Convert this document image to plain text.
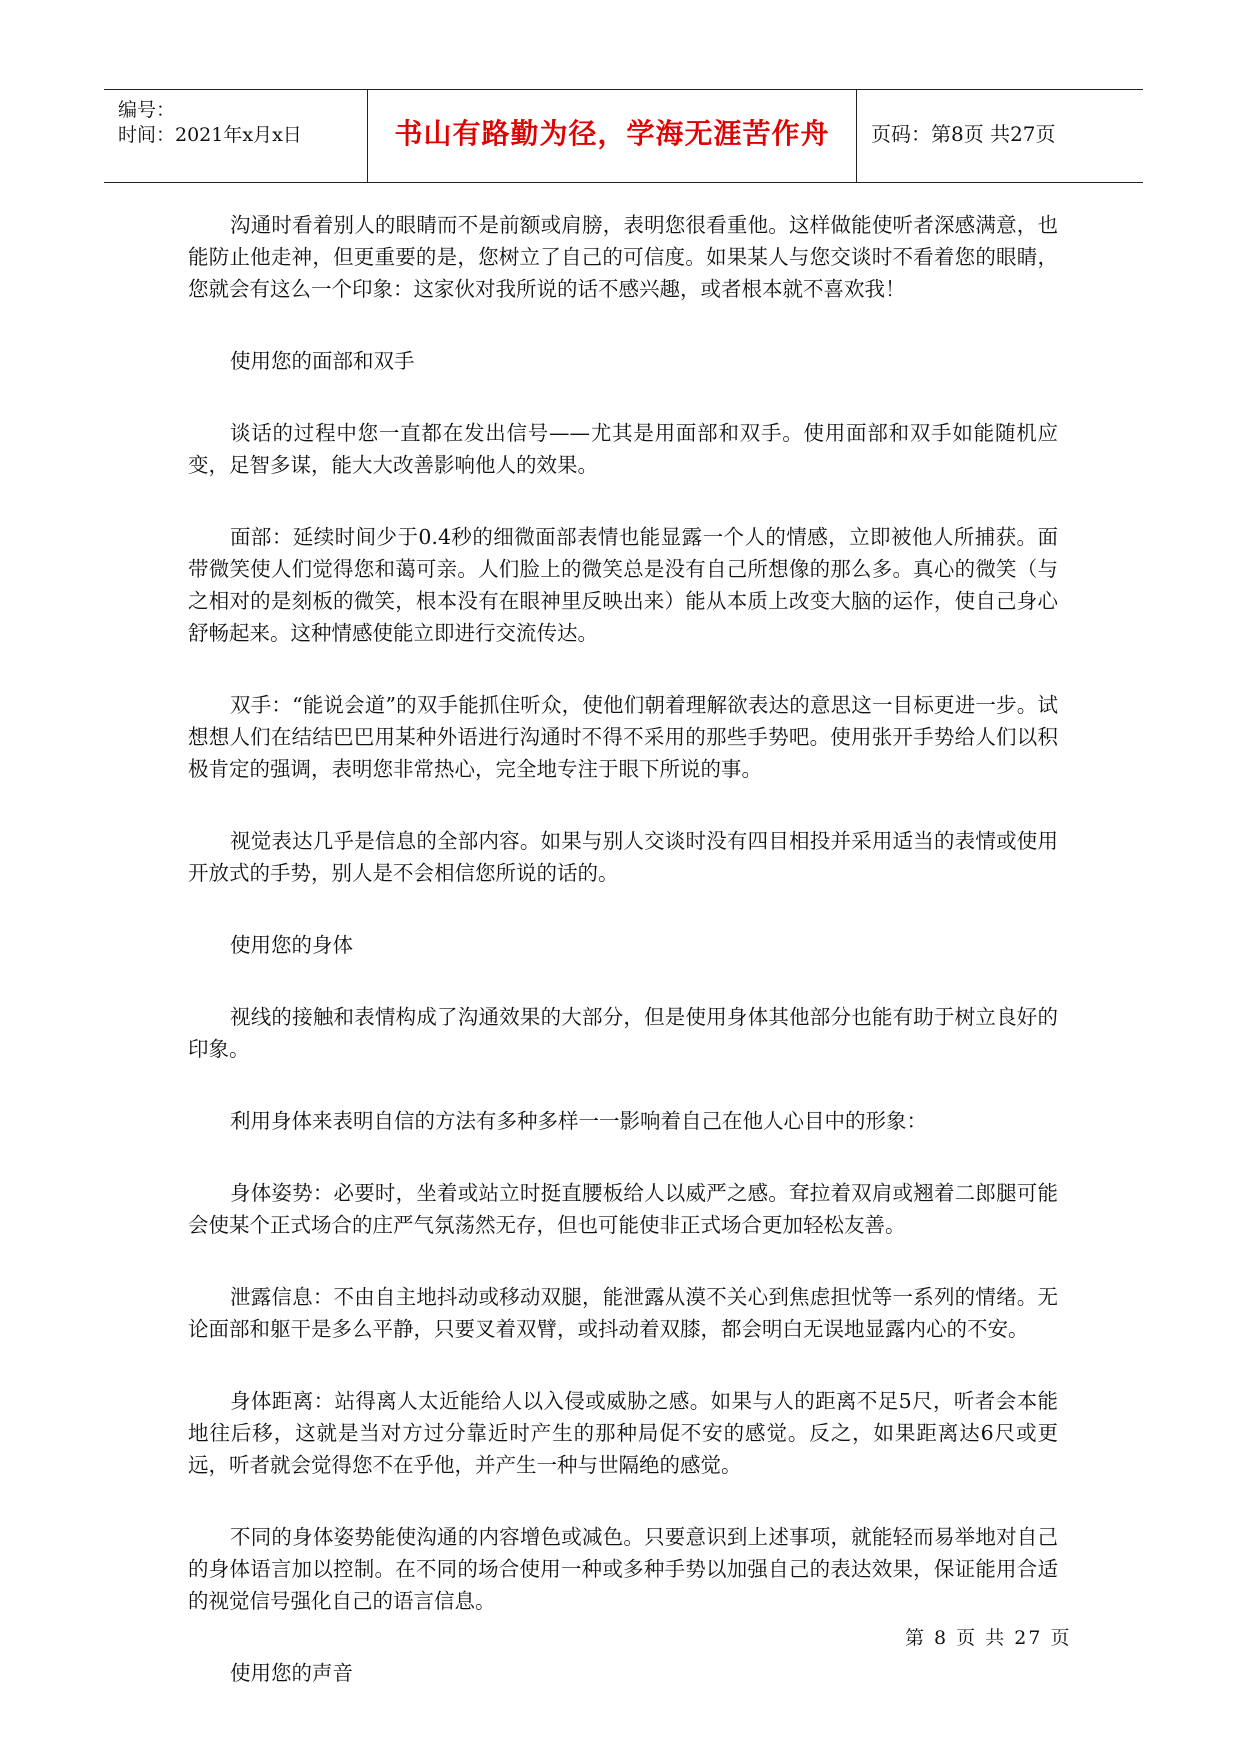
编号：
时间：2021年x月x日	书山有路勤为径，学海无涯苦作舟 页码：第8页 共27页

沟通时看着别人的眼睛而不是前额或肩膀，表明您很看重他。这样做能使听者深感满意，也能防止他走神，但更重要的是，您树立了自己的可信度。如果某人与您交谈时不看着您的眼睛，您就会有这么一个印象：这家伙对我所说的话不感兴趣，或者根本就不喜欢我！

使用您的面部和双手

谈话的过程中您一直都在发出信号——尤其是用面部和双手。使用面部和双手如能随机应变，足智多谋，能大大改善影响他人的效果。

面部：延续时间少于0.4秒的细微面部表情也能显露一个人的情感，立即被他人所捕获。面带微笑使人们觉得您和蔼可亲。人们脸上的微笑总是没有自己所想像的那么多。真心的微笑（与之相对的是刻板的微笑，根本没有在眼神里反映出来）能从本质上改变大脑的运作，使自己身心舒畅起来。这种情感使能立即进行交流传达。

双手：“能说会道”的双手能抓住听众，使他们朝着理解欲表达的意思这一目标更进一步。试想想人们在结结巴巴用某种外语进行沟通时不得不采用的那些手势吧。使用张开手势给人们以积极肯定的强调，表明您非常热心，完全地专注于眼下所说的事。

视觉表达几乎是信息的全部内容。如果与别人交谈时没有四目相投并采用适当的表情或使用开放式的手势，别人是不会相信您所说的话的。

使用您的身体

视线的接触和表情构成了沟通效果的大部分，但是使用身体其他部分也能有助于树立良好的印象。

利用身体来表明自信的方法有多种多样一一影响着自己在他人心目中的形象：

身体姿势：必要时，坐着或站立时挺直腰板给人以威严之感。耷拉着双肩或翘着二郎腿可能会使某个正式场合的庄严气氛荡然无存，但也可能使非正式场合更加轻松友善。

泄露信息：不由自主地抖动或移动双腿，能泄露从漠不关心到焦虑担忧等一系列的情绪。无论面部和躯干是多么平静，只要叉着双臂，或抖动着双膝，都会明白无误地显露内心的不安。

身体距离：站得离人太近能给人以入侵或威胁之感。如果与人的距离不足5尺，听者会本能地往后移，这就是当对方过分靠近时产生的那种局促不安的感觉。反之，如果距离达6尺或更远，听者就会觉得您不在乎他，并产生一种与世隔绝的感觉。

不同的身体姿势能使沟通的内容增色或减色。只要意识到上述事项，就能轻而易举地对自己的身体语言加以控制。在不同的场合使用一种或多种手势以加强自己的表达效果，保证能用合适的视觉信号强化自己的语言信息。

使用您的声音

第 8 页 共 27 页
